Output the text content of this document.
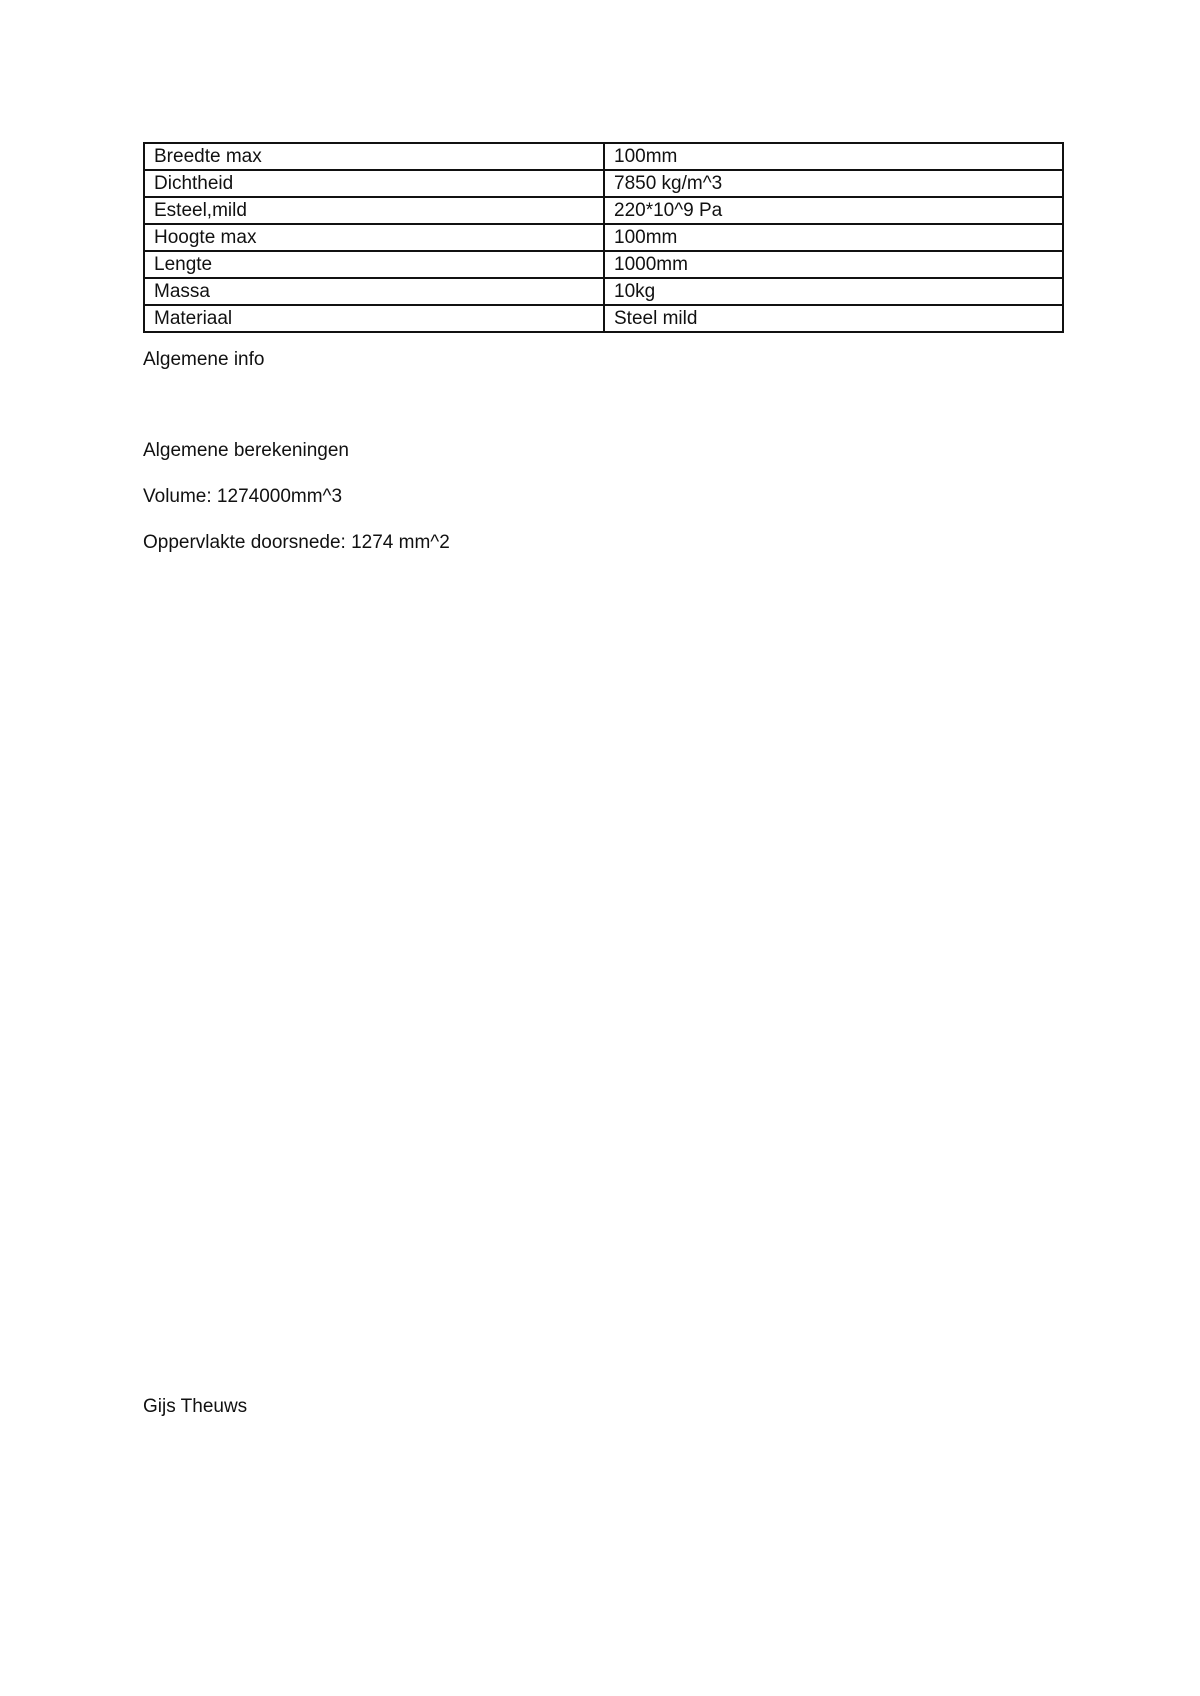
Breedte max	100mm
Dichtheid	7850 kg/m^3
Esteel,mild	220*10^9 Pa
Hoogte max	100mm
Lengte	1000mm
Massa	10kg
Materiaal	Steel mild
Algemene info
Algemene berekeningen
Volume: 1274000mm^3
Oppervlakte doorsnede: 1274 mm^2
Gijs Theuws
